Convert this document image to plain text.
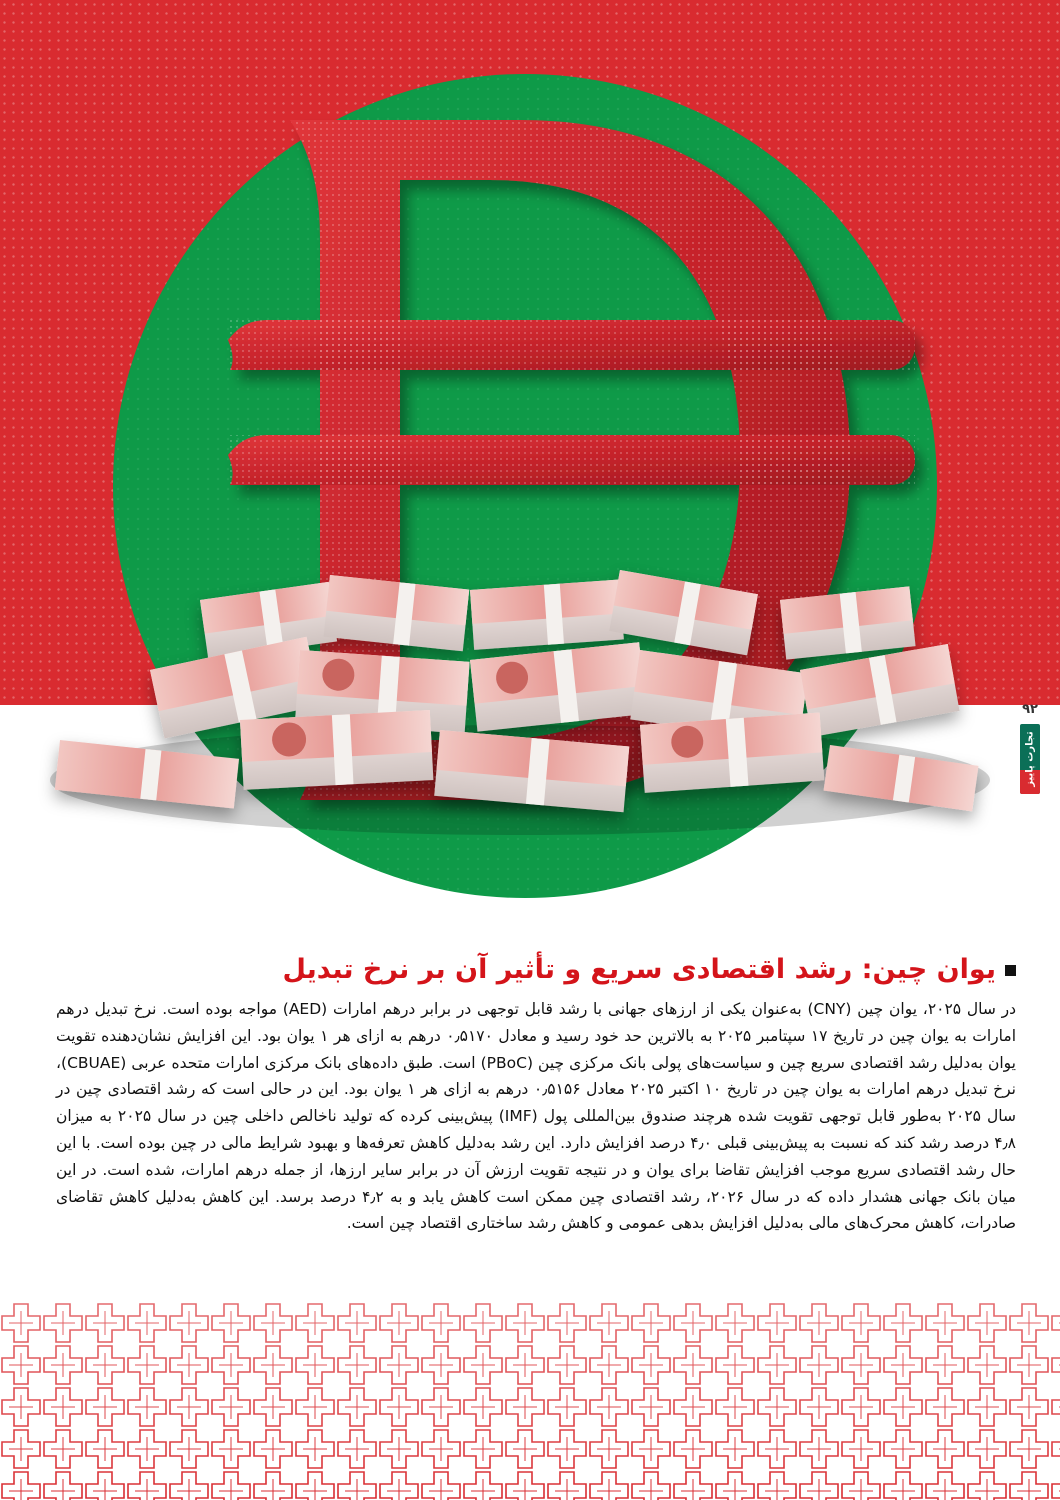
۹۲
تجارت پاییز
یوان چین: رشد اقتصادی سریع و تأثیر آن بر نرخ تبدیل

در سال ۲۰۲۵، یوان چین (CNY) به‌عنوان یکی از ارزهای جهانی با رشد قابل توجهی در برابر درهم امارات (AED) مواجه بوده است. نرخ تبدیل درهم امارات به یوان چین در تاریخ ۱۷ سپتامبر ۲۰۲۵ به بالاترین حد خود رسید و معادل ۰٫۵۱۷۰ درهم به ازای هر ۱ یوان بود. این افزایش نشان‌دهنده تقویت یوان به‌دلیل رشد اقتصادی سریع چین و سیاست‌های پولی بانک مرکزی چین (PBoC) است. طبق داده‌های بانک مرکزی امارات متحده عربی (CBUAE)، نرخ تبدیل درهم امارات به یوان چین در تاریخ ۱۰ اکتبر ۲۰۲۵ معادل ۰٫۵۱۵۶ درهم به ازای هر ۱ یوان بود. این در حالی است که رشد اقتصادی چین در سال ۲۰۲۵ به‌طور قابل توجهی تقویت شده هرچند صندوق بین‌المللی پول (IMF) پیش‌بینی کرده که تولید ناخالص داخلی چین در سال ۲۰۲۵ به میزان ۴٫۸ درصد رشد کند که نسبت به پیش‌بینی قبلی ۴٫۰ درصد افزایش دارد. این رشد به‌دلیل کاهش تعرفه‌ها و بهبود شرایط مالی در چین بوده است. با این حال رشد اقتصادی سریع موجب افزایش تقاضا برای یوان و در نتیجه تقویت ارزش آن در برابر سایر ارزها، از جمله درهم امارات، شده است. در این میان بانک جهانی هشدار داده که در سال ۲۰۲۶، رشد اقتصادی چین ممکن است کاهش یابد و به ۴٫۲ درصد برسد. این کاهش به‌دلیل کاهش تقاضای صادرات، کاهش محرک‌های مالی به‌دلیل افزایش بدهی عمومی و کاهش رشد ساختاری اقتصاد چین است.
